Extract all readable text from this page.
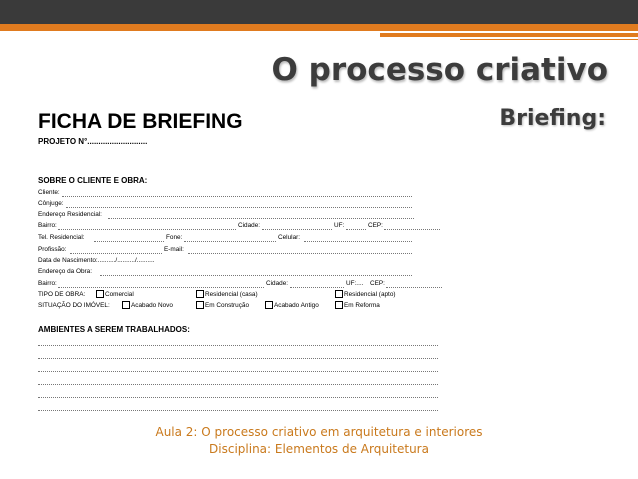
O processo criativo
Briefing:
FICHA DE BRIEFING
PROJETO N°...........................
SOBRE O CLIENTE E OBRA:
Cliente:
Cônjuge:
Endereço Residencial:
Bairro:	Cidade:	UF:	CEP:
Tel. Residencial:	Fone:	Celular:
Profissão:	E-mail:
Data de Nascimento:........../........../..........
Endereço da Obra:
Bairro:	Cidade:	UF:.... CEP:
TIPO DE OBRA:	Comercial	Residencial (casa)	Residencial (apto)
SITUAÇÃO DO IMÓVEL:	Acabado Novo	Em Construção	Acabado Antigo	Em Reforma
AMBIENTES A SEREM TRABALHADOS:
Aula 2: O processo criativo em arquitetura e interiores
Disciplina: Elementos de Arquitetura
